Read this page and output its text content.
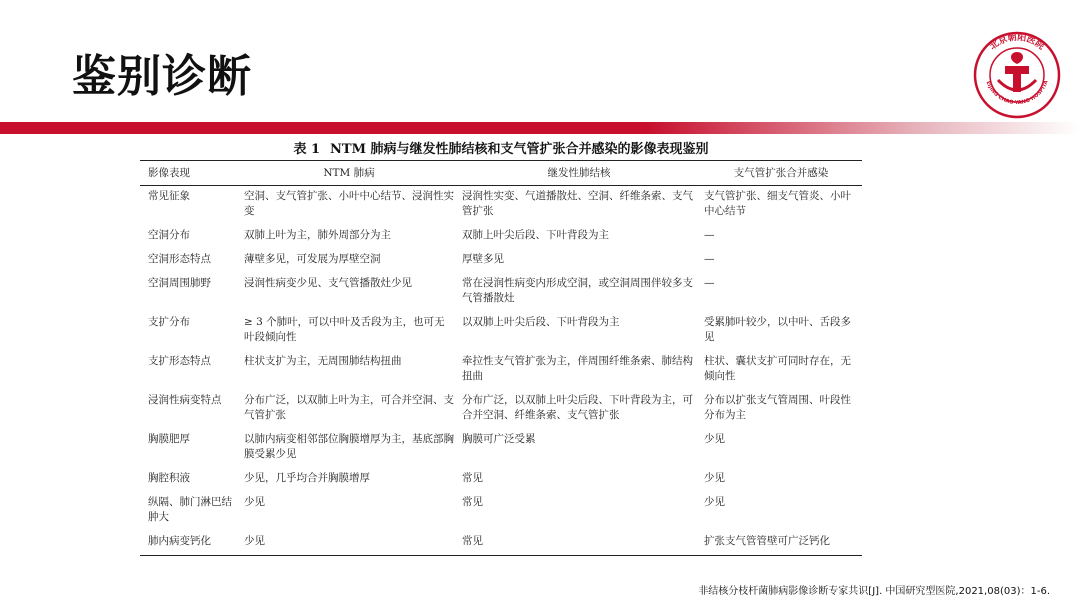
鉴别诊断
北京朝阳医院
EIJING CHAO-YANG HOSPITA
表 1 NTM 肺病与继发性肺结核和支气管扩张合并感染的影像表现鉴别
影像表现	NTM 肺病	继发性肺结核	支气管扩张合并感染
常见征象	空洞、支气管扩张、小叶中心结节、浸润性实变	浸润性实变、气道播散灶、空洞、纤维条索、支气管扩张	支气管扩张、细支气管炎、小叶中心结节
空洞分布	双肺上叶为主，肺外周部分为主	双肺上叶尖后段、下叶背段为主	—
空洞形态特点	薄壁多见，可发展为厚壁空洞	厚壁多见	—
空洞周围肺野	浸润性病变少见、支气管播散灶少见	常在浸润性病变内形成空洞，或空洞周围伴较多支气管播散灶	—
支扩分布	≥ 3 个肺叶，可以中叶及舌段为主，也可无叶段倾向性	以双肺上叶尖后段、下叶背段为主	受累肺叶较少，以中叶、舌段多见
支扩形态特点	柱状支扩为主，无周围肺结构扭曲	牵拉性支气管扩张为主，伴周围纤维条索、肺结构扭曲	柱状、囊状支扩可同时存在，无倾向性
浸润性病变特点	分布广泛，以双肺上叶为主，可合并空洞、支气管扩张	分布广泛，以双肺上叶尖后段、下叶背段为主，可合并空洞、纤维条索、支气管扩张	分布以扩张支气管周围、叶段性分布为主
胸膜肥厚	以肺内病变相邻部位胸膜增厚为主，基底部胸膜受累少见	胸膜可广泛受累	少见
胸腔积液	少见，几乎均合并胸膜增厚	常见	少见
纵隔、肺门淋巴结肿大	少见	常见	少见
肺内病变钙化	少见	常见	扩张支气管管壁可广泛钙化
非结核分枝杆菌肺病影像诊断专家共识[J]. 中国研究型医院,2021,08(03)：1-6.
